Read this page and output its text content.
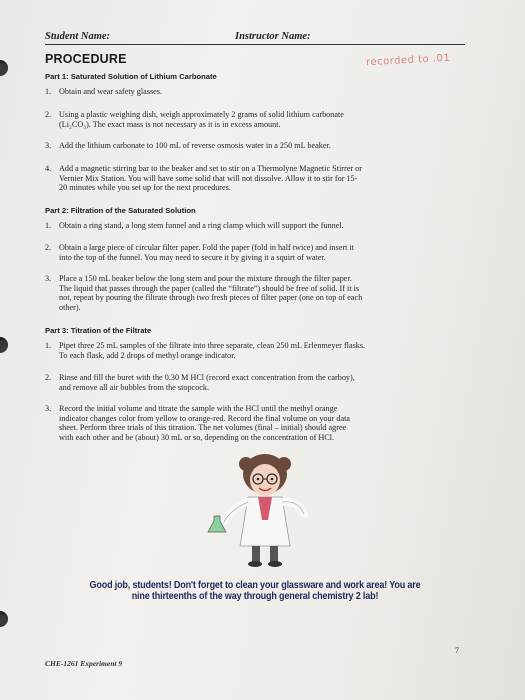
Student Name:	Instructor Name:
PROCEDURE	recorded to .01
Part 1: Saturated Solution of Lithium Carbonate
1. Obtain and wear safety glasses.
2. Using a plastic weighing dish, weigh approximately 2 grams of solid lithium carbonate
(Li₂CO₃). The exact mass is not necessary as it is in excess amount.
3. Add the lithium carbonate to 100 mL of reverse osmosis water in a 250 mL beaker.
4. Add a magnetic stirring bar to the beaker and set to stir on a Thermolyne Magnetic Stirrer or
Vernier Mix Station. You will have some solid that will not dissolve. Allow it to stir for 15-
20 minutes while you set up for the next procedures.
Part 2: Filtration of the Saturated Solution
1. Obtain a ring stand, a long stem funnel and a ring clamp which will support the funnel.
2. Obtain a large piece of circular filter paper. Fold the paper (fold in half twice) and insert it
into the top of the funnel. You may need to secure it by giving it a squirt of water.
3. Place a 150 mL beaker below the long stem and pour the mixture through the filter paper.
The liquid that passes through the paper (called the “filtrate”) should be free of solid. If it is
not, repeat by pouring the filtrate through two fresh pieces of filter paper (one on top of each
other).
Part 3: Titration of the Filtrate
1. Pipet three 25 mL samples of the filtrate into three separate, clean 250 mL Erlenmeyer flasks.
To each flask, add 2 drops of methyl orange indicator.
2. Rinse and fill the buret with the 0.30 M HCl (record exact concentration from the carboy),
and remove all air bubbles from the stopcock.
3. Record the initial volume and titrate the sample with the HCl until the methyl orange
indicator changes color from yellow to orange-red. Record the final volume on your data
sheet. Perform three trials of this titration. The net volumes (final – initial) should agree
with each other and be (about) 30 mL or so, depending on the concentration of HCl.
Good job, students! Don't forget to clean your glassware and work area! You are
nine thirteenths of the way through general chemistry 2 lab!
7
CHE-1261 Experiment 9
